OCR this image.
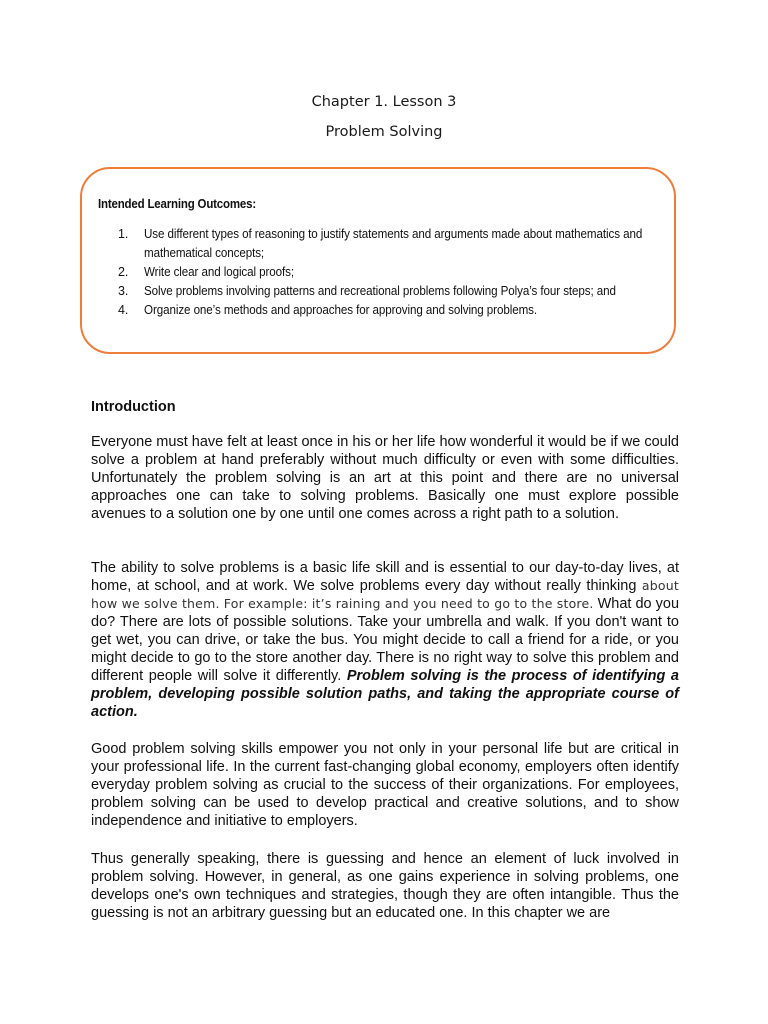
Chapter 1. Lesson 3
Problem Solving
Intended Learning Outcomes:
1. Use different types of reasoning to justify statements and arguments made about mathematics and mathematical concepts;
2. Write clear and logical proofs;
3. Solve problems involving patterns and recreational problems following Polya’s four steps; and
4. Organize one’s methods and approaches for approving and solving problems.
Introduction

Everyone must have felt at least once in his or her life how wonderful it would be if we could solve a problem at hand preferably without much difficulty or even with some difficulties. Unfortunately the problem solving is an art at this point and there are no universal approaches one can take to solving problems. Basically one must explore possible avenues to a solution one by one until one comes across a right path to a solution.

The ability to solve problems is a basic life skill and is essential to our day-to-day lives, at home, at school, and at work. We solve problems every day without really thinking about how we solve them. For example: it’s raining and you need to go to the store. What do you do? There are lots of possible solutions. Take your umbrella and walk. If you don't want to get wet, you can drive, or take the bus. You might decide to call a friend for a ride, or you might decide to go to the store another day. There is no right way to solve this problem and different people will solve it differently. Problem solving is the process of identifying a problem, developing possible solution paths, and taking the appropriate course of action.

Good problem solving skills empower you not only in your personal life but are critical in your professional life. In the current fast-changing global economy, employers often identify everyday problem solving as crucial to the success of their organizations. For employees, problem solving can be used to develop practical and creative solutions, and to show independence and initiative to employers.

Thus generally speaking, there is guessing and hence an element of luck involved in problem solving. However, in general, as one gains experience in solving problems, one develops one's own techniques and strategies, though they are often intangible. Thus the guessing is not an arbitrary guessing but an educated one. In this chapter we are
